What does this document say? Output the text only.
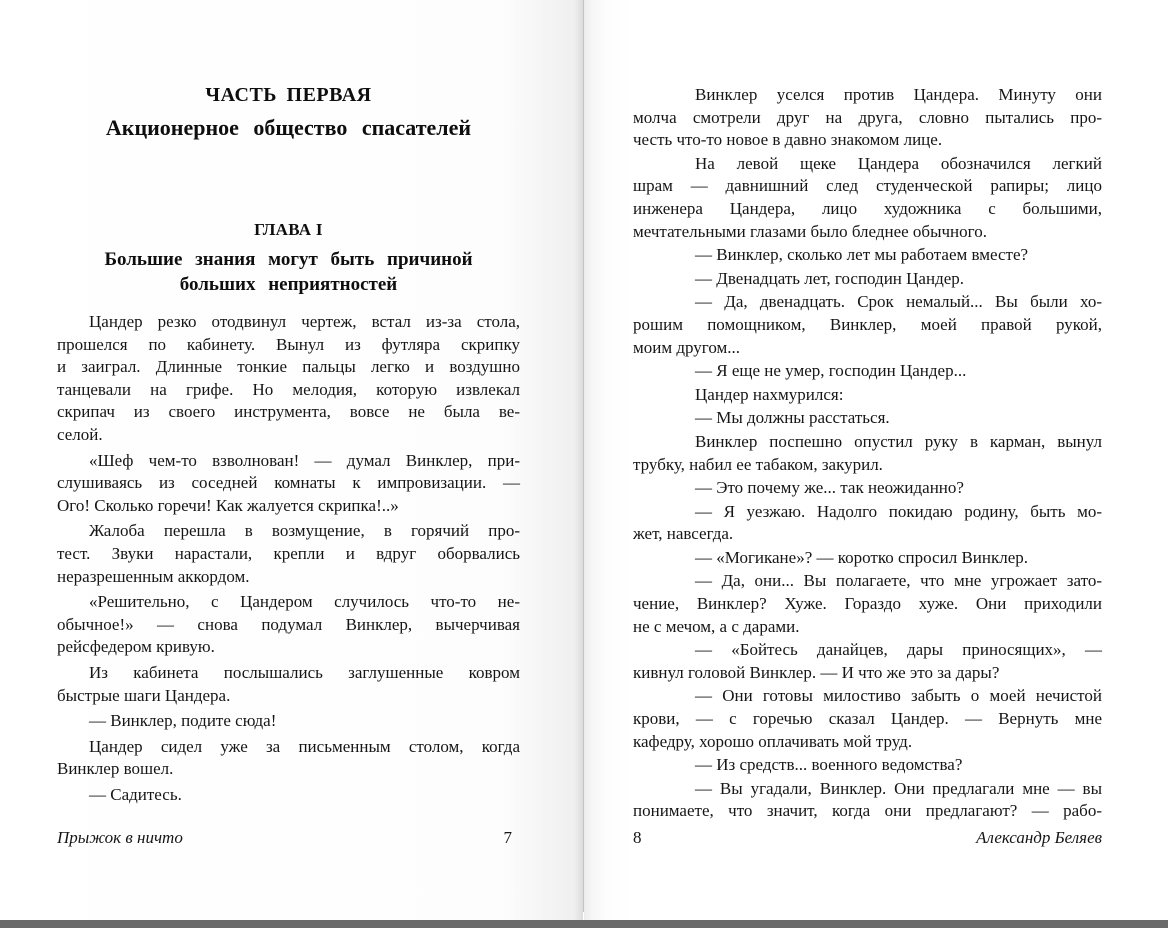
ЧАСТЬ ПЕРВАЯ
Акционерное общество спасателей
ГЛАВА I
Большие знания могут быть причиной
больших неприятностей
Цандер резко отодвинул чертеж, встал из-за стола,
прошелся по кабинету. Вынул из футляра скрипку
и заиграл. Длинные тонкие пальцы легко и воздушно
танцевали на грифе. Но мелодия, которую извлекал
скрипач из своего инструмента, вовсе не была ве-
селой.
«Шеф чем-то взволнован! — думал Винклер, при-
слушиваясь из соседней комнаты к импровизации. —
Ого! Сколько горечи! Как жалуется скрипка!..»
Жалоба перешла в возмущение, в горячий про-
тест. Звуки нарастали, крепли и вдруг оборвались
неразрешенным аккордом.
«Решительно, с Цандером случилось что-то не-
обычное!» — снова подумал Винклер, вычерчивая
рейсфедером кривую.
Из кабинета послышались заглушенные ковром
быстрые шаги Цандера.
— Винклер, подите сюда!
Цандер сидел уже за письменным столом, когда
Винклер вошел.
— Садитесь.
Прыжок в ничто	7
Винклер уселся против Цандера. Минуту они
молча смотрели друг на друга, словно пытались про-
честь что-то новое в давно знакомом лице.
На левой щеке Цандера обозначился легкий
шрам — давнишний след студенческой рапиры; лицо
инженера Цандера, лицо художника с большими,
мечтательными глазами было бледнее обычного.
— Винклер, сколько лет мы работаем вместе?
— Двенадцать лет, господин Цандер.
— Да, двенадцать. Срок немалый... Вы были хо-
рошим помощником, Винклер, моей правой рукой,
моим другом...
— Я еще не умер, господин Цандер...
Цандер нахмурился:
— Мы должны расстаться.
Винклер поспешно опустил руку в карман, вынул
трубку, набил ее табаком, закурил.
— Это почему же... так неожиданно?
— Я уезжаю. Надолго покидаю родину, быть мо-
жет, навсегда.
— «Могикане»? — коротко спросил Винклер.
— Да, они... Вы полагаете, что мне угрожает зато-
чение, Винклер? Хуже. Гораздо хуже. Они приходили
не с мечом, а с дарами.
— «Бойтесь данайцев, дары приносящих», —
кивнул головой Винклер. — И что же это за дары?
— Они готовы милостиво забыть о моей нечистой
крови, — с горечью сказал Цандер. — Вернуть мне
кафедру, хорошо оплачивать мой труд.
— Из средств... военного ведомства?
— Вы угадали, Винклер. Они предлагали мне — вы
понимаете, что значит, когда они предлагают? — рабо-
8	Александр Беляев
